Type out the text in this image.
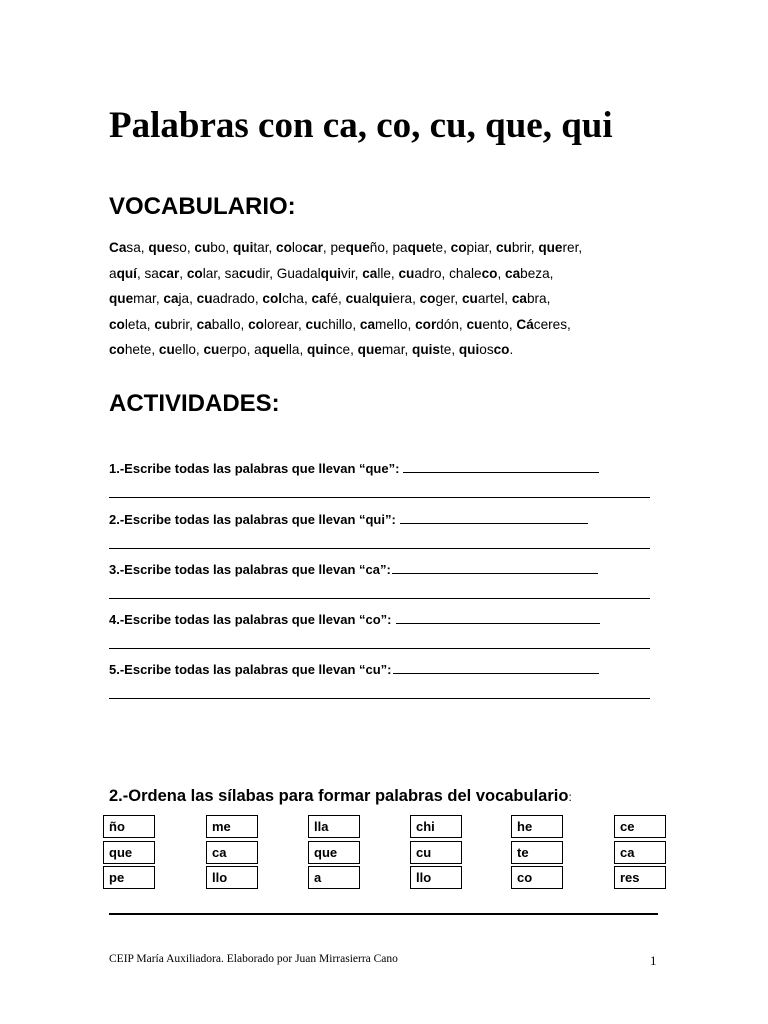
Palabras con ca, co, cu, que, qui
VOCABULARIO:
Casa, queso, cubo, quitar, colocar, pequeño, paquete, copiar, cubrir, querer,
aquí, sacar, colar, sacudir, Guadalquivir, calle, cuadro, chaleco, cabeza,
quemar, caja, cuadrado, colcha, café, cualquiera, coger, cuartel, cabra,
coleta, cubrir, caballo, colorear, cuchillo, camello, cordón, cuento, Cáceres,
cohete, cuello, cuerpo, aquella, quince, quemar, quiste, quiosco.
ACTIVIDADES:
1.-Escribe todas las palabras que llevan “que”:
2.-Escribe todas las palabras que llevan “qui”:
3.-Escribe todas las palabras que llevan “ca”:
4.-Escribe todas las palabras que llevan “co”:
5.-Escribe todas las palabras que llevan “cu”:
2.-Ordena las sílabas para formar palabras del vocabulario:
ño
que
pe
me
ca
llo
lla
que
a
chi
cu
llo
he
te
co
ce
ca
res
CEIP María Auxiliadora. Elaborado por Juan Mirrasierra Cano	1
